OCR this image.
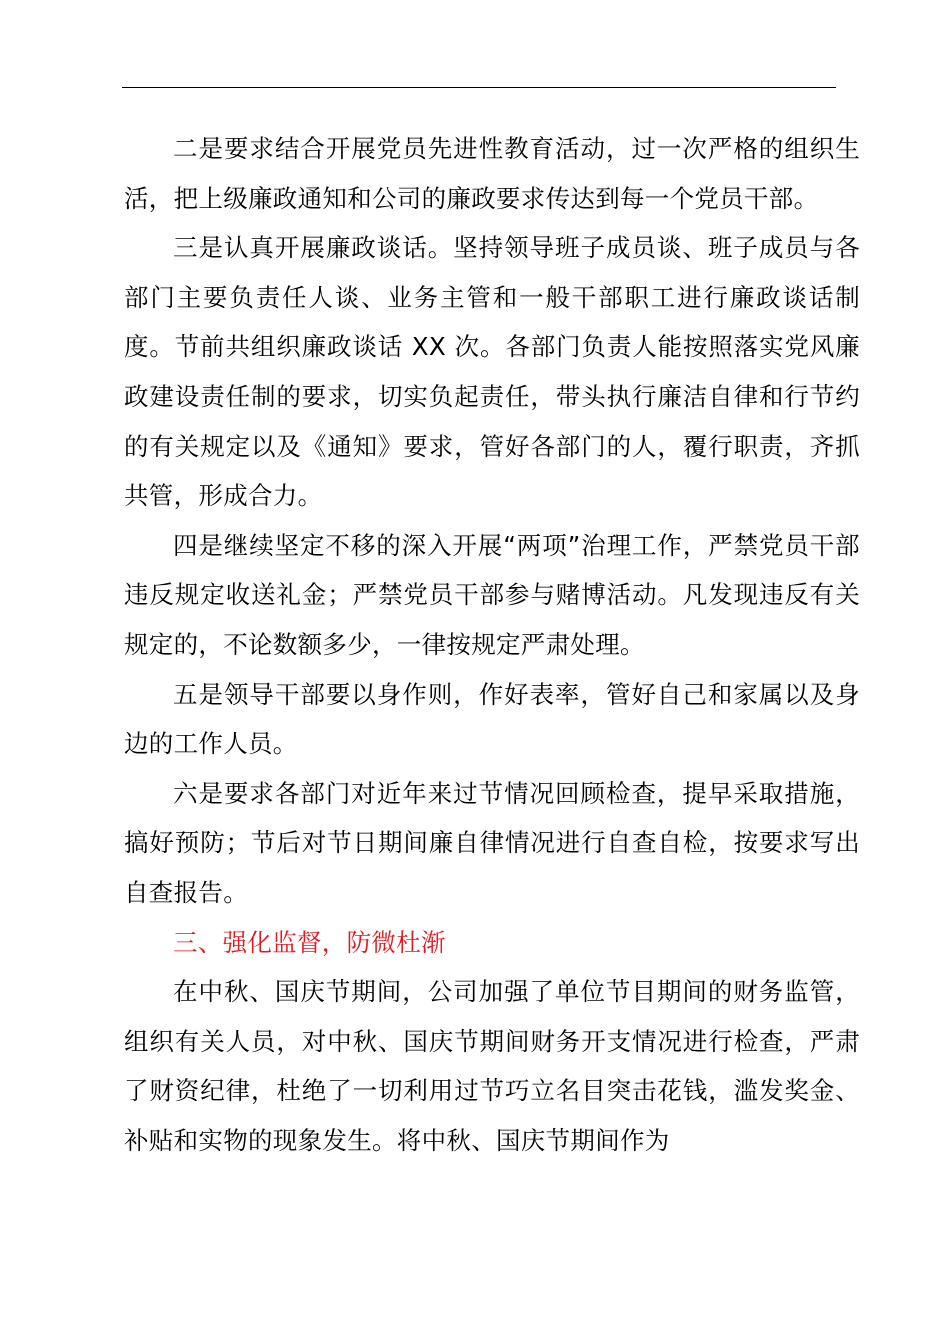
二是要求结合开展党员先进性教育活动，过一次严格的组织生活，把上级廉政通知和公司的廉政要求传达到每一个党员干部。

三是认真开展廉政谈话。坚持领导班子成员谈、班子成员与各部门主要负责任人谈、业务主管和一般干部职工进行廉政谈话制度。节前共组织廉政谈话 XX 次。各部门负责人能按照落实党风廉政建设责任制的要求，切实负起责任，带头执行廉洁自律和行节约的有关规定以及《通知》要求，管好各部门的人，覆行职责，齐抓共管，形成合力。

四是继续坚定不移的深入开展“两项”治理工作，严禁党员干部违反规定收送礼金；严禁党员干部参与赌博活动。凡发现违反有关规定的，不论数额多少，一律按规定严肃处理。

五是领导干部要以身作则，作好表率，管好自己和家属以及身边的工作人员。

六是要求各部门对近年来过节情况回顾检查，提早采取措施，搞好预防；节后对节日期间廉自律情况进行自查自检，按要求写出自查报告。

三、强化监督，防微杜渐

在中秋、国庆节期间，公司加强了单位节目期间的财务监管，组织有关人员，对中秋、国庆节期间财务开支情况进行检查，严肃了财资纪律，杜绝了一切利用过节巧立名目突击花钱，滥发奖金、补贴和实物的现象发生。将中秋、国庆节期间作为
